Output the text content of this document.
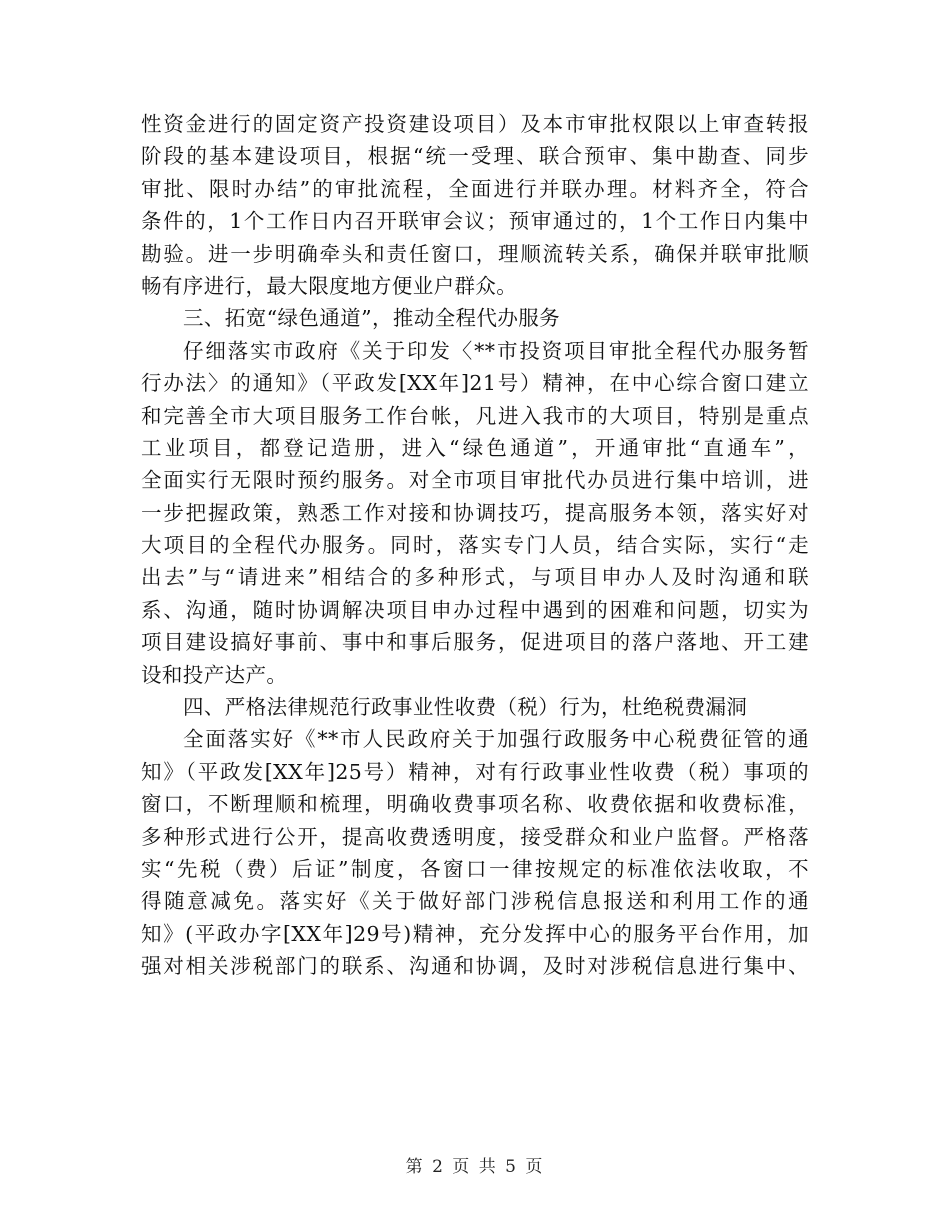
性资金进行的固定资产投资建设项目）及本市审批权限以上审查转报
阶段的基本建设项目，根据“统一受理、联合预审、集中勘查、同步
审批、限时办结”的审批流程，全面进行并联办理。材料齐全，符合
条件的，1个工作日内召开联审会议；预审通过的，1个工作日内集中
勘验。进一步明确牵头和责任窗口，理顺流转关系，确保并联审批顺
畅有序进行，最大限度地方便业户群众。
三、拓宽“绿色通道”，推动全程代办服务
仔细落实市政府《关于印发〈**市投资项目审批全程代办服务暂
行办法〉的通知》（平政发[XX年]21号）精神，在中心综合窗口建立
和完善全市大项目服务工作台帐，凡进入我市的大项目，特别是重点
工业项目，都登记造册，进入“绿色通道”，开通审批“直通车”，
全面实行无限时预约服务。对全市项目审批代办员进行集中培训，进
一步把握政策，熟悉工作对接和协调技巧，提高服务本领，落实好对
大项目的全程代办服务。同时，落实专门人员，结合实际，实行“走
出去”与“请进来”相结合的多种形式，与项目申办人及时沟通和联
系、沟通，随时协调解决项目申办过程中遇到的困难和问题，切实为
项目建设搞好事前、事中和事后服务，促进项目的落户落地、开工建
设和投产达产。
四、严格法律规范行政事业性收费（税）行为，杜绝税费漏洞
全面落实好《**市人民政府关于加强行政服务中心税费征管的通
知》（平政发[XX年]25号）精神，对有行政事业性收费（税）事项的
窗口，不断理顺和梳理，明确收费事项名称、收费依据和收费标准，
多种形式进行公开，提高收费透明度，接受群众和业户监督。严格落
实“先税（费）后证”制度，各窗口一律按规定的标准依法收取，不
得随意减免。落实好《关于做好部门涉税信息报送和利用工作的通
知》(平政办字[XX年]29号)精神，充分发挥中心的服务平台作用，加
强对相关涉税部门的联系、沟通和协调，及时对涉税信息进行集中、
第 2 页 共 5 页
